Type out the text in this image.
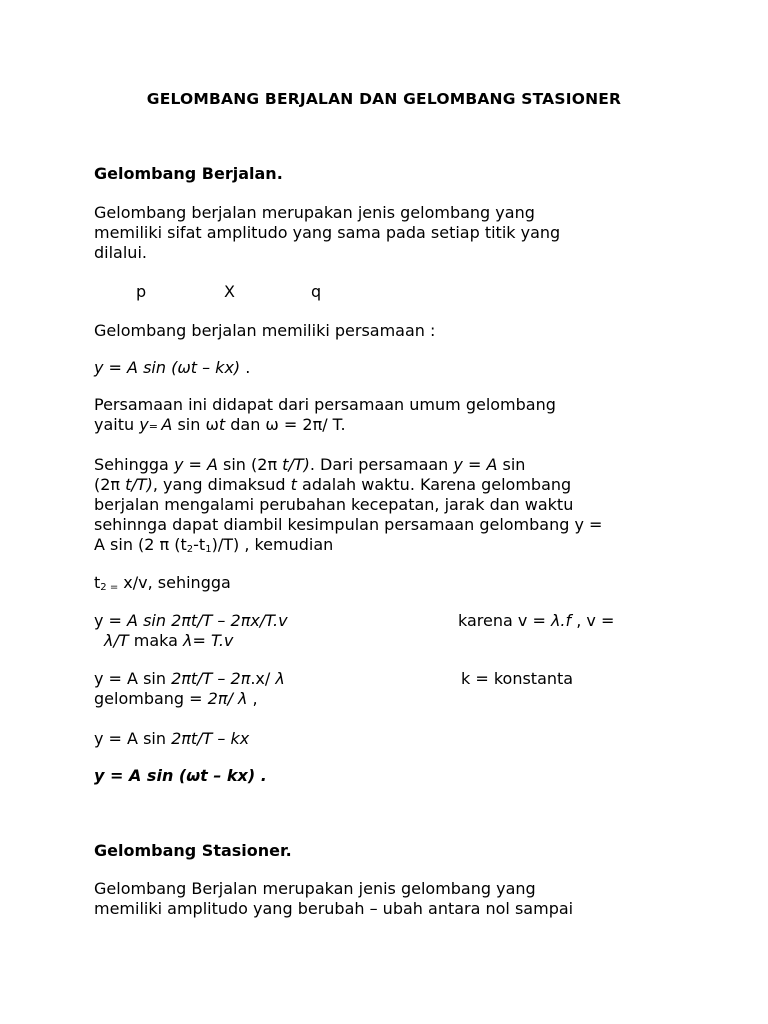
GELOMBANG BERJALAN DAN GELOMBANG STASIONER
Gelombang Berjalan.
Gelombang berjalan merupakan jenis gelombang yang
memiliki sifat amplitudo yang sama pada setiap titik yang
dilalui.
p	X	q
Gelombang berjalan memiliki persamaan :
y = A sin (ωt – kx) .
Persamaan ini didapat dari persamaan umum gelombang
yaitu y= A sin ωt dan ω = 2π/ T.
Sehingga y = A sin (2π t/T). Dari persamaan y = A sin
(2π t/T), yang dimaksud t adalah waktu. Karena gelombang
berjalan mengalami perubahan kecepatan, jarak dan waktu
sehinnga dapat diambil kesimpulan persamaan gelombang y =
A sin (2 π $(t_2-t_1)/T$) , kemudian
$t_{2 =}$ x/v, sehingga
y = A sin 2πt/T – 2πx/T.v	karena v = λ.f , v =
λ/T maka λ= T.v
y = A sin 2πt/T – 2π.x/ λ	k = konstanta
gelombang = 2π/ λ ,
y = A sin 2πt/T – kx
y = A sin (ωt – kx) .
Gelombang Stasioner.
Gelombang Berjalan merupakan jenis gelombang yang
memiliki amplitudo yang berubah – ubah antara nol sampai
